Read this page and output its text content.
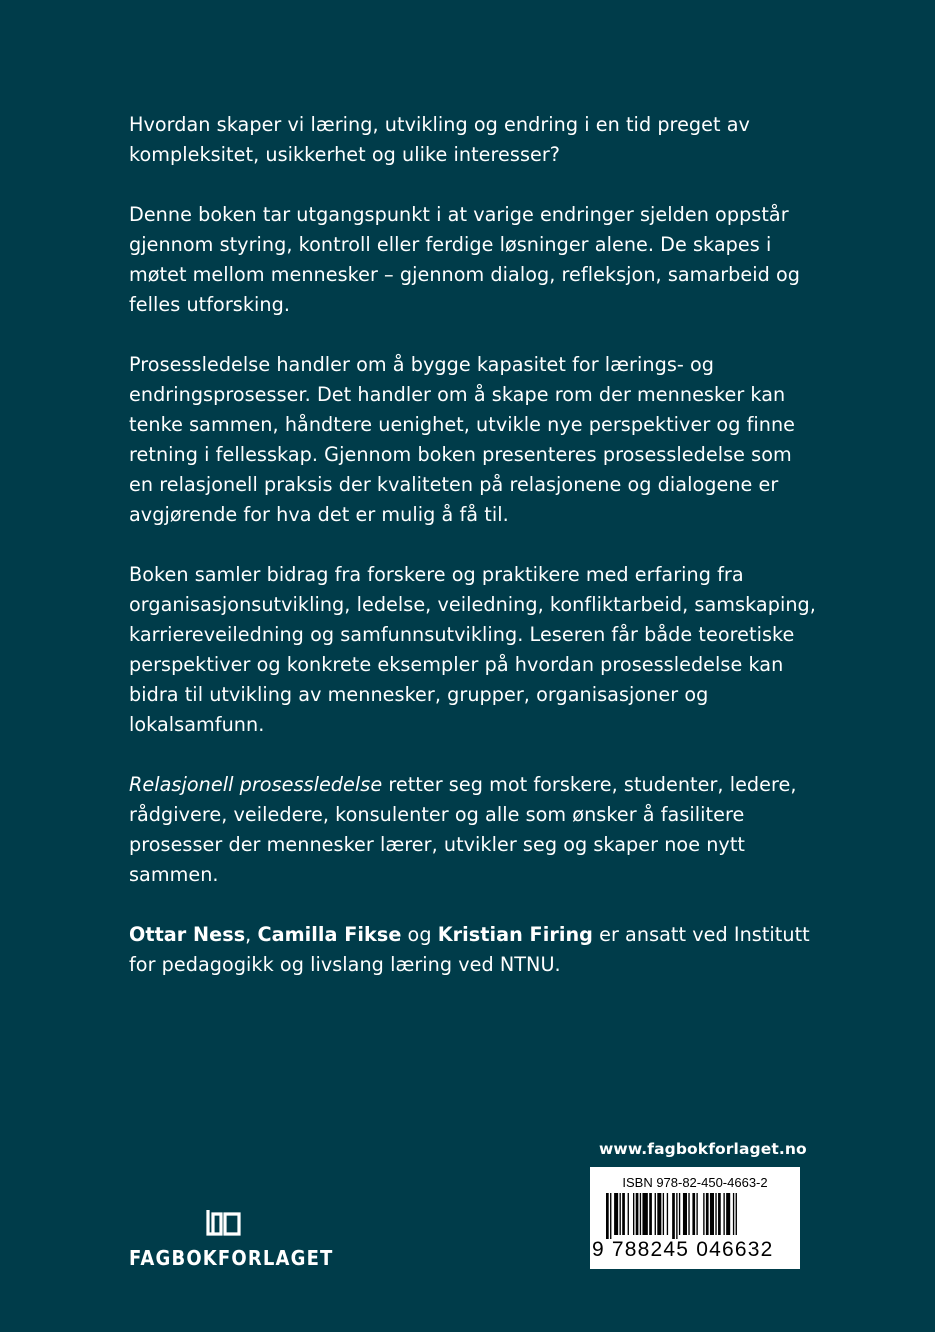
Hvordan skaper vi læring, utvikling og endring i en tid preget av kompleksitet, usikkerhet og ulike interesser?

Denne boken tar utgangspunkt i at varige endringer sjelden oppstår gjennom styring, kontroll eller ferdige løsninger alene. De skapes i møtet mellom mennesker – gjennom dialog, refleksjon, samarbeid og felles utforsking.

Prosessledelse handler om å bygge kapasitet for lærings- og endringsprosesser. Det handler om å skape rom der mennesker kan tenke sammen, håndtere uenighet, utvikle nye perspektiver og finne retning i fellesskap. Gjennom boken presenteres prosessledelse som en relasjonell praksis der kvaliteten på relasjonene og dialogene er avgjørende for hva det er mulig å få til.

Boken samler bidrag fra forskere og praktikere med erfaring fra organisasjonsutvikling, ledelse, veiledning, konfliktarbeid, samskaping, karriereveiledning og samfunnsutvikling. Leseren får både teoretiske perspektiver og konkrete eksempler på hvordan prosessledelse kan bidra til utvikling av mennesker, grupper, organisasjoner og lokalsamfunn.

Relasjonell prosessledelse retter seg mot forskere, studenter, ledere, rådgivere, veiledere, konsulenter og alle som ønsker å fasilitere prosesser der mennesker lærer, utvikler seg og skaper noe nytt sammen.

Ottar Ness, Camilla Fikse og Kristian Firing er ansatt ved Institutt for pedagogikk og livslang læring ved NTNU.

www.fagbokforlaget.no
ISBN 978-82-450-4663-2
9 788245 046632
FAGBOKFORLAGET
